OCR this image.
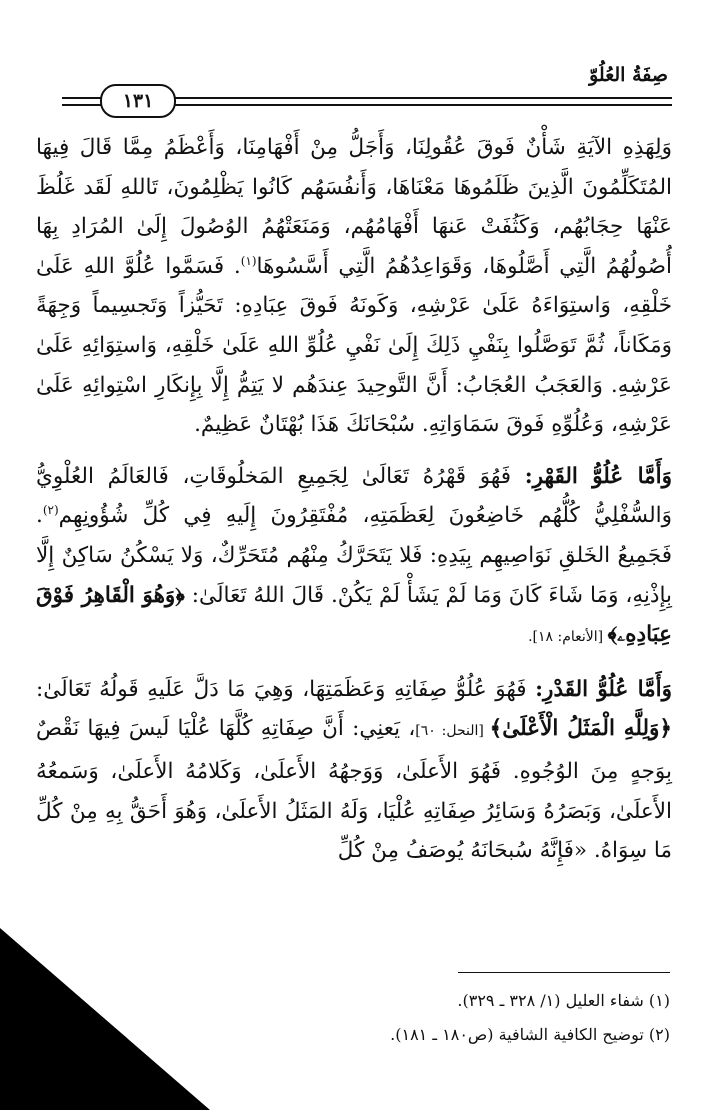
صِفَةُ العُلُوّ
١٣١

وَلِهَذِهِ الآيَةِ شَأْنٌ فَوقَ عُقُولِنَا، وَأَجَلُّ مِنْ أَفْهَامِنَا، وَأَعْظَمُ مِمَّا قَالَ فِيهَا المُتَكَلِّمُونَ الَّذِينَ ظَلَمُوهَا مَعْنَاهَا، وَأَنفُسَهُم كَانُوا يَظْلِمُونَ، تَاللهِ لَقَد غَلُظَ عَنْهَا حِجَابُهُم، وَكَثُفَتْ عَنهَا أَفْهَامُهُم، وَمَنَعَتْهُمُ الوُصُولَ إِلَىٰ المُرَادِ بِهَا أُصُولُهُمُ الَّتِي أَصَّلُوهَا، وَقَوَاعِدُهُمُ الَّتِي أَسَّسُوهَا$^{(١)}$. فَسَمَّوا عُلُوَّ اللهِ عَلَىٰ خَلْقِهِ، وَاستِوَاءَهُ عَلَىٰ عَرْشِهِ، وَكَونَهُ فَوقَ عِبَادِهِ: تَحَيُّزاً وَتَجسِيماً وَجِهَةً وَمَكَاناً، ثُمَّ تَوَصَّلُوا بِنَفْيِ ذَلِكَ إِلَىٰ نَفْيِ عُلُوِّ اللهِ عَلَىٰ خَلْقِهِ، وَاستِوَائِهِ عَلَىٰ عَرْشِهِ. وَالعَجَبُ العُجَابُ: أَنَّ التَّوحِيدَ عِندَهُم لا يَتِمُّ إِلَّا بِإِنكَارِ اسْتِوائِهِ عَلَىٰ عَرْشِهِ، وَعُلُوِّهِ فَوقَ سَمَاوَاتِهِ. سُبْحَانَكَ هَذَا بُهْتَانٌ عَظِيمٌ.

وَأَمَّا عُلُوُّ القَهْرِ: فَهُوَ قَهْرُهُ تَعَالَىٰ لِجَمِيعِ المَخلُوقَاتِ، فَالعَالَمُ العُلْوِيُّ وَالسُّفْلِيُّ كُلُّهُم خَاضِعُونَ لِعَظَمَتِهِ، مُفْتَقِرُونَ إِلَيهِ فِي كُلِّ شُؤُونِهِم$^{(٢)}$. فَجَمِيعُ الخَلقِ نَوَاصِيهِم بِيَدِهِ: فَلا يَتَحَرَّكُ مِنْهُم مُتَحَرِّكٌ، وَلا يَسْكُنُ سَاكِنٌ إِلَّا بِإِذْنِهِ، وَمَا شَاءَ كَانَ وَمَا لَمْ يَشَأْ لَمْ يَكُنْ. قَالَ اللهُ تَعَالَىٰ: ﴿وَهُوَ الْقَاهِرُ فَوْقَ عِبَادِهِۦ﴾ [الأنعام: ١٨].

وَأَمَّا عُلُوُّ القَدْرِ: فَهُوَ عُلُوُّ صِفَاتِهِ وَعَظَمَتِهَا، وَهِيَ مَا دَلَّ عَلَيهِ قَولُهُ تَعَالَىٰ: ﴿وَلِلَّهِ الْمَثَلُ الْأَعْلَىٰ﴾ [النحل: ٦٠]، يَعنِي: أَنَّ صِفَاتِهِ كُلَّهَا عُلْيَا لَيسَ فِيهَا نَقْصٌ بِوَجهٍ مِنَ الوُجُوهِ. فَهُوَ الأَعلَىٰ، وَوَجهُهُ الأَعلَىٰ، وَكَلامُهُ الأَعلَىٰ، وَسَمعُهُ الأَعلَىٰ، وَبَصَرُهُ وَسَائِرُ صِفَاتِهِ عُلْيَا، وَلَهُ المَثَلُ الأَعلَىٰ، وَهُوَ أَحَقُّ بِهِ مِنْ كُلِّ مَا سِوَاهُ. «فَإِنَّهُ سُبحَانَهُ يُوصَفُ مِنْ كُلِّ

(١) شفاء العليل (١/ ٣٢٨ ـ ٣٢٩).
(٢) توضيح الكافية الشافية (ص١٨٠ ـ ١٨١).
